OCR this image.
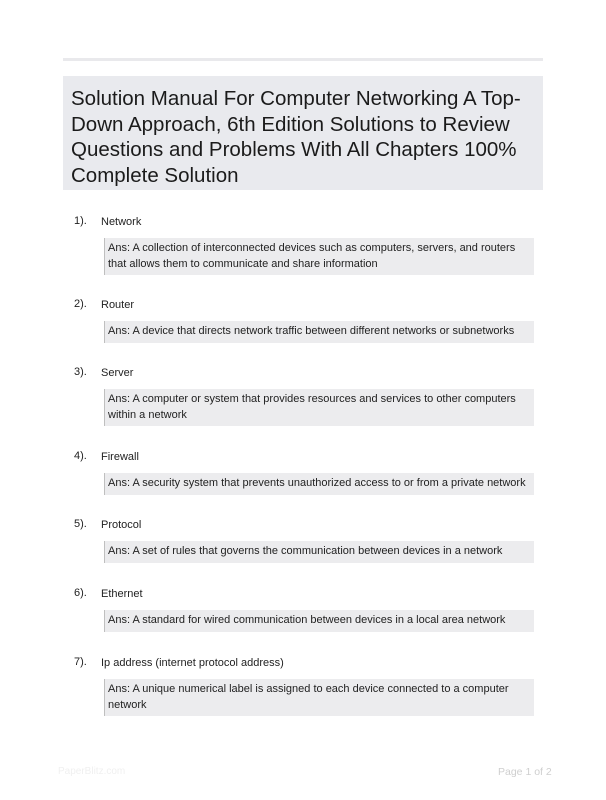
Solution Manual For Computer Networking A Top-Down Approach, 6th Edition Solutions to Review Questions and Problems With All Chapters 100% Complete Solution
1). Network
Ans: A collection of interconnected devices such as computers, servers, and routers that allows them to communicate and share information
2). Router
Ans: A device that directs network traffic between different networks or subnetworks
3). Server
Ans: A computer or system that provides resources and services to other computers within a network
4). Firewall
Ans: A security system that prevents unauthorized access to or from a private network
5). Protocol
Ans: A set of rules that governs the communication between devices in a network
6). Ethernet
Ans: A standard for wired communication between devices in a local area network
7). Ip address (internet protocol address)
Ans: A unique numerical label is assigned to each device connected to a computer network
PaperBlitz.com	Page 1 of 2
